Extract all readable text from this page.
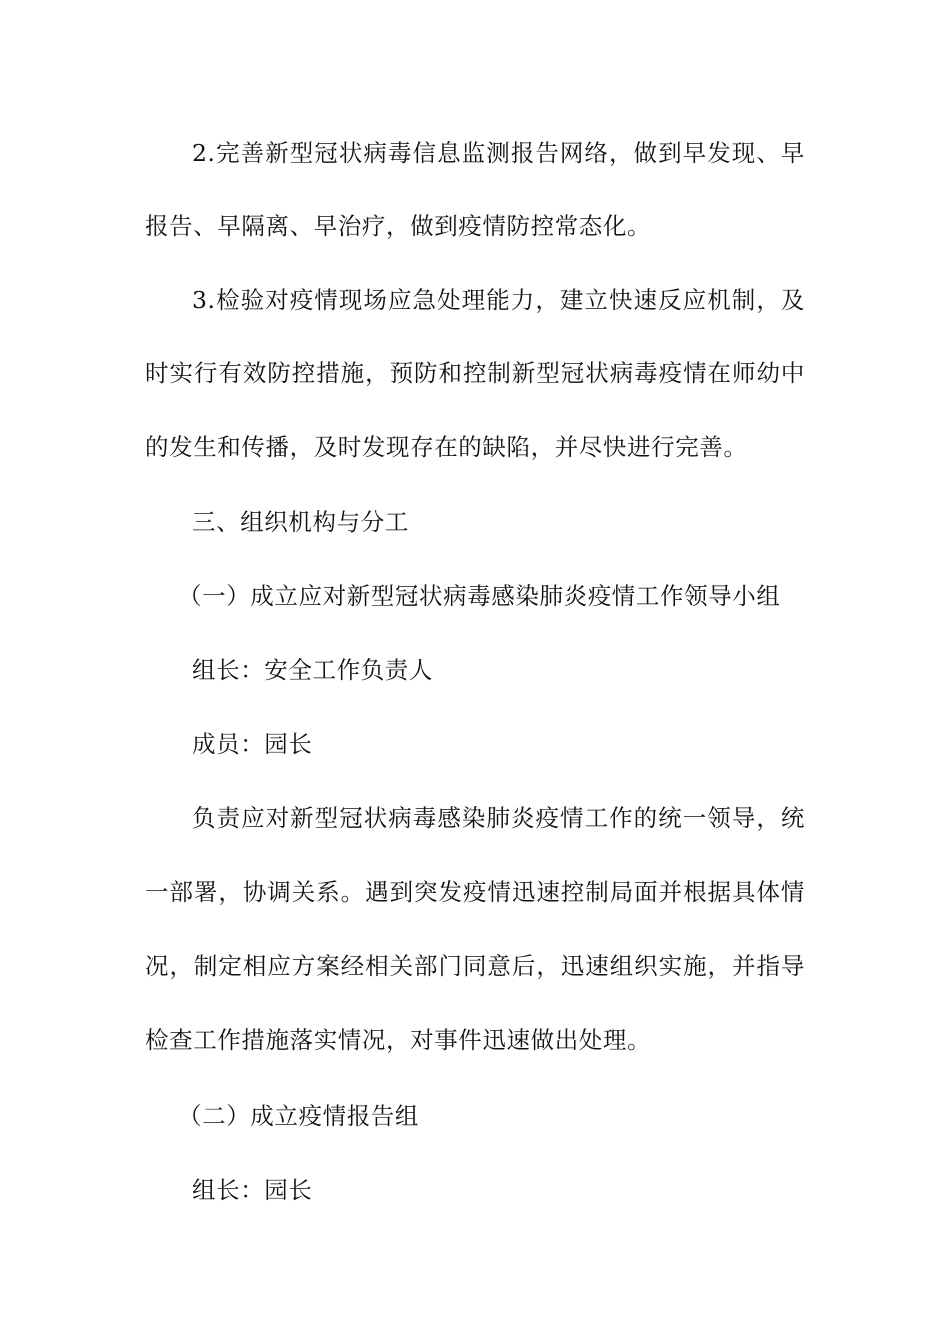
2.完善新型冠状病毒信息监测报告网络，做到早发现、早
报告、早隔离、早治疗，做到疫情防控常态化。
3.检验对疫情现场应急处理能力，建立快速反应机制，及
时实行有效防控措施，预防和控制新型冠状病毒疫情在师幼中
的发生和传播，及时发现存在的缺陷，并尽快进行完善。
三、组织机构与分工
（一）成立应对新型冠状病毒感染肺炎疫情工作领导小组
组长：安全工作负责人
成员：园长
负责应对新型冠状病毒感染肺炎疫情工作的统一领导，统
一部署，协调关系。遇到突发疫情迅速控制局面并根据具体情
况，制定相应方案经相关部门同意后，迅速组织实施，并指导
检查工作措施落实情况，对事件迅速做出处理。
（二）成立疫情报告组
组长：园长
